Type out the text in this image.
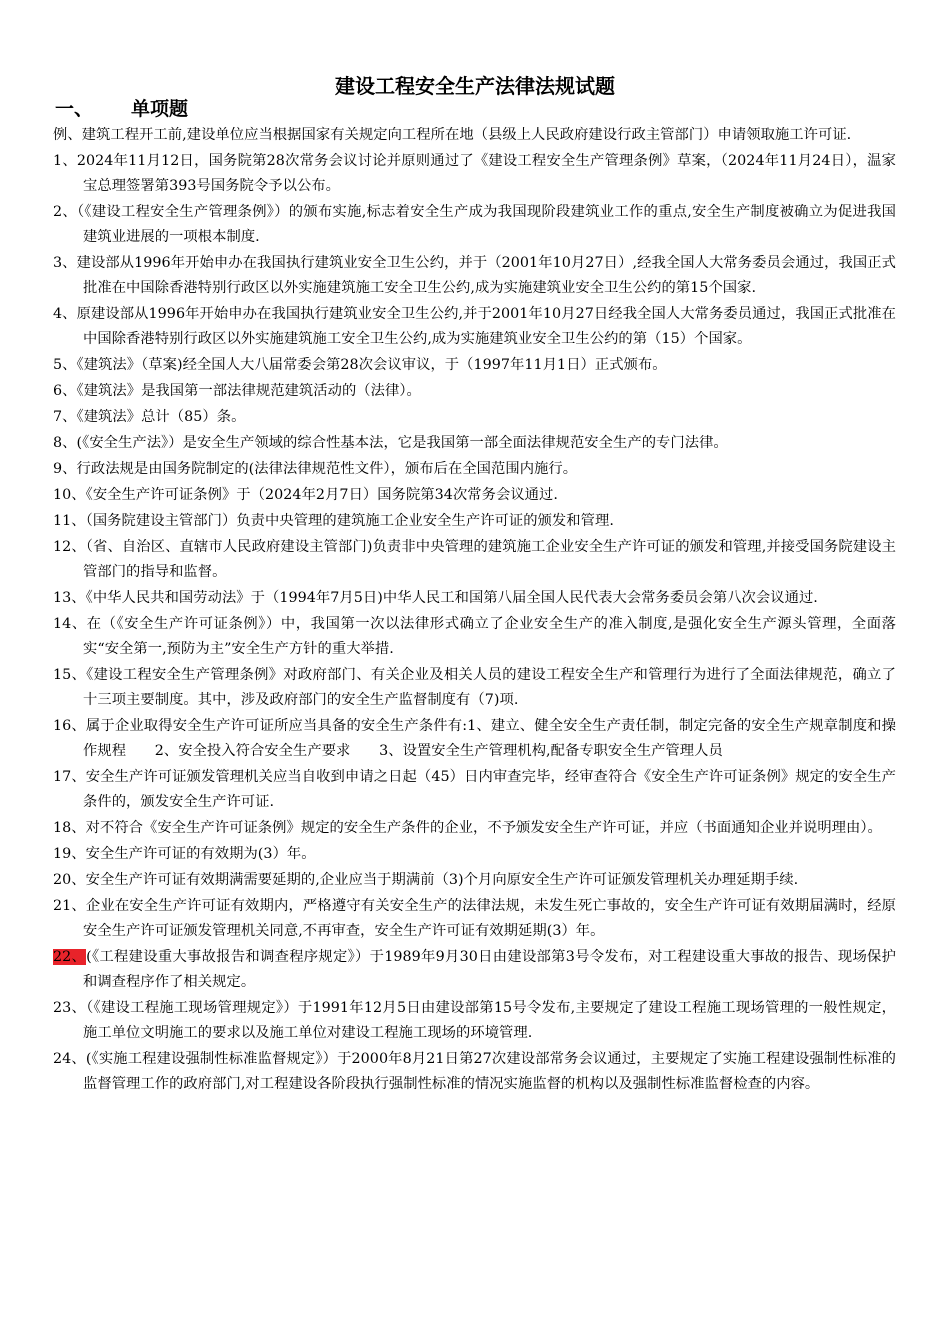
建设工程安全生产法律法规试题
一、 单项题
例、建筑工程开工前,建设单位应当根据国家有关规定向工程所在地（县级上人民政府建设行政主管部门）申请领取施工许可证.
1、2024年11月12日，国务院第28次常务会议讨论并原则通过了《建设工程安全生产管理条例》草案，（2024年11月24日），温家宝总理签署第393号国务院令予以公布。
2、（《建设工程安全生产管理条例》）的颁布实施,标志着安全生产成为我国现阶段建筑业工作的重点,安全生产制度被确立为促进我国建筑业进展的一项根本制度.
3、建设部从1996年开始申办在我国执行建筑业安全卫生公约，并于（2001年10月27日）,经我全国人大常务委员会通过，我国正式批准在中国除香港特别行政区以外实施建筑施工安全卫生公约,成为实施建筑业安全卫生公约的第15个国家.
4、原建设部从1996年开始申办在我国执行建筑业安全卫生公约,并于2001年10月27日经我全国人大常务委员通过，我国正式批准在中国除香港特别行政区以外实施建筑施工安全卫生公约,成为实施建筑业安全卫生公约的第（15）个国家。
5、《建筑法》（草案)经全国人大八届常委会第28次会议审议，于（1997年11月1日）正式颁布。
6、《建筑法》是我国第一部法律规范建筑活动的（法律）。
7、《建筑法》总计（85）条。
8、(《安全生产法》）是安全生产领域的综合性基本法，它是我国第一部全面法律规范安全生产的专门法律。
9、行政法规是由国务院制定的(法律法律规范性文件），颁布后在全国范围内施行。
10、《安全生产许可证条例》于（2024年2月7日）国务院第34次常务会议通过.
11、（国务院建设主管部门）负责中央管理的建筑施工企业安全生产许可证的颁发和管理.
12、（省、自治区、直辖市人民政府建设主管部门)负责非中央管理的建筑施工企业安全生产许可证的颁发和管理,并接受国务院建设主管部门的指导和监督。
13、《中华人民共和国劳动法》于（1994年7月5日)中华人民工和国第八届全国人民代表大会常务委员会第八次会议通过.
14、在（《安全生产许可证条例》）中，我国第一次以法律形式确立了企业安全生产的准入制度,是强化安全生产源头管理，全面落实“安全第一,预防为主”安全生产方针的重大举措.
15、《建设工程安全生产管理条例》对政府部门、有关企业及相关人员的建设工程安全生产和管理行为进行了全面法律规范，确立了十三项主要制度。其中，涉及政府部门的安全生产监督制度有（7)项.
16、属于企业取得安全生产许可证所应当具备的安全生产条件有:1、建立、健全安全生产责任制，制定完备的安全生产规章制度和操作规程　　2、安全投入符合安全生产要求　　3、设置安全生产管理机构,配备专职安全生产管理人员
17、安全生产许可证颁发管理机关应当自收到申请之日起（45）日内审查完毕，经审查符合《安全生产许可证条例》规定的安全生产条件的，颁发安全生产许可证.
18、对不符合《安全生产许可证条例》规定的安全生产条件的企业，不予颁发安全生产许可证，并应（书面通知企业并说明理由）。
19、安全生产许可证的有效期为(3）年。
20、安全生产许可证有效期满需要延期的,企业应当于期满前（3)个月向原安全生产许可证颁发管理机关办理延期手续.
21、企业在安全生产许可证有效期内，严格遵守有关安全生产的法律法规，未发生死亡事故的，安全生产许可证有效期届满时，经原安全生产许可证颁发管理机关同意,不再审查，安全生产许可证有效期延期(3）年。
22、(《工程建设重大事故报告和调查程序规定》）于1989年9月30日由建设部第3号令发布，对工程建设重大事故的报告、现场保护和调查程序作了相关规定。
23、（《建设工程施工现场管理规定》）于1991年12月5日由建设部第15号令发布,主要规定了建设工程施工现场管理的一般性规定，施工单位文明施工的要求以及施工单位对建设工程施工现场的环境管理.
24、(《实施工程建设强制性标准监督规定》）于2000年8月21日第27次建设部常务会议通过，主要规定了实施工程建设强制性标准的监督管理工作的政府部门,对工程建设各阶段执行强制性标准的情况实施监督的机构以及强制性标准监督检查的内容。
